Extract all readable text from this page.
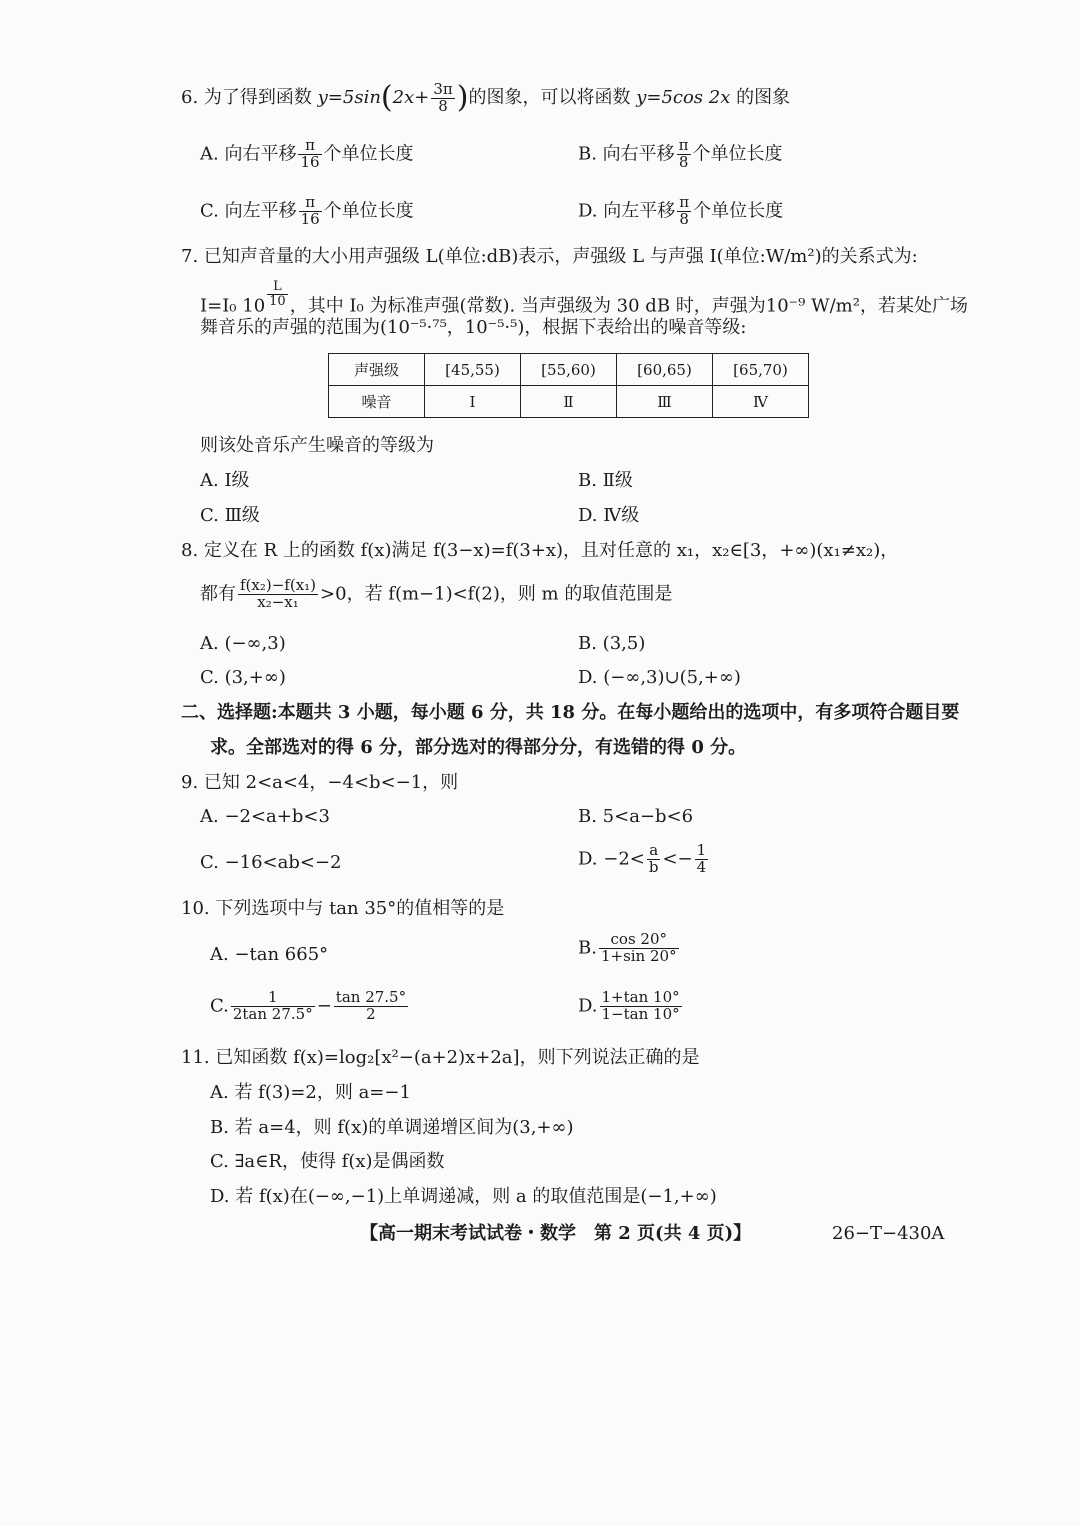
6. 为了得到函数 $y=5\sin(2x+ \frac{3\pi}{8}$ )的图象，可以将函数 y=5cos 2x 的图象
A. 向右平移 $\frac{\pi}{16}$ 个单位长度	B. 向右平移 $\frac{\pi}{8}$ 个单位长度
C. 向左平移 $\frac{\pi}{16}$ 个单位长度	D. 向左平移 $\frac{\pi}{8}$ 个单位长度
7. 已知声音量的大小用声强级 L(单位:dB)表示，声强级 L 与声强 I(单位:W/m²)的关系式为:
I=I₀ 10 $^{\frac{L}{10}}$ ，其中 I₀ 为标准声强(常数). 当声强级为 30 dB 时，声强为10⁻⁹ W/m²，若某处广场
舞音乐的声强的范围为(10⁻⁵·⁷⁵，10⁻⁵·⁵)，根据下表给出的噪音等级:
声强级	[45,55)	[55,60)	[60,65)	[65,70)
噪音	Ⅰ	Ⅱ	Ⅲ	Ⅳ
则该处音乐产生噪音的等级为
A. Ⅰ级	B. Ⅱ级
C. Ⅲ级	D. Ⅳ级
8. 定义在 R 上的函数 f(x)满足 f(3−x)=f(3+x)，且对任意的 x₁，x₂∈[3，+∞)(x₁≠x₂)，
都有 $\frac{\text{f(x₂)−f(x₁)}}{\text{x₂−x₁}} >0$，若 f(m−1)<f(2)，则 m 的取值范围是
A. (−∞,3)	B. (3,5)
C. (3,+∞)	D. (−∞,3)∪(5,+∞)
二、选择题:本题共 3 小题，每小题 6 分，共 18 分。在每小题给出的选项中，有多项符合题目要
求。全部选对的得 6 分，部分选对的得部分分，有选错的得 0 分。
9. 已知 2<a<4，−4<b<−1，则
A. −2<a+b<3	B. 5<a−b<6
C. −16<ab<−2	D. $-2< \frac{a}{b} <- \frac{1}{4}$
10. 下列选项中与 tan 35°的值相等的是
A. −tan 665°	B. $\frac{\cos 20^\circ}{1+\sin 20^\circ}$
C. $\frac{1}{2\tan 27.5^\circ} - \frac{\tan 27.5^\circ}{2}$	D. $\frac{1+\tan 10^\circ}{1-\tan 10^\circ}$
11. 已知函数 f(x)=log₂[x²−(a+2)x+2a]，则下列说法正确的是
A. 若 f(3)=2，则 a=−1
B. 若 a=4，则 f(x)的单调递增区间为(3,+∞)
C. ∃a∈R，使得 f(x)是偶函数
D. 若 f(x)在(−∞,−1)上单调递减，则 a 的取值范围是(−1,+∞)
【高一期末考试试卷・数学　第 2 页(共 4 页)】	26−T−430A
